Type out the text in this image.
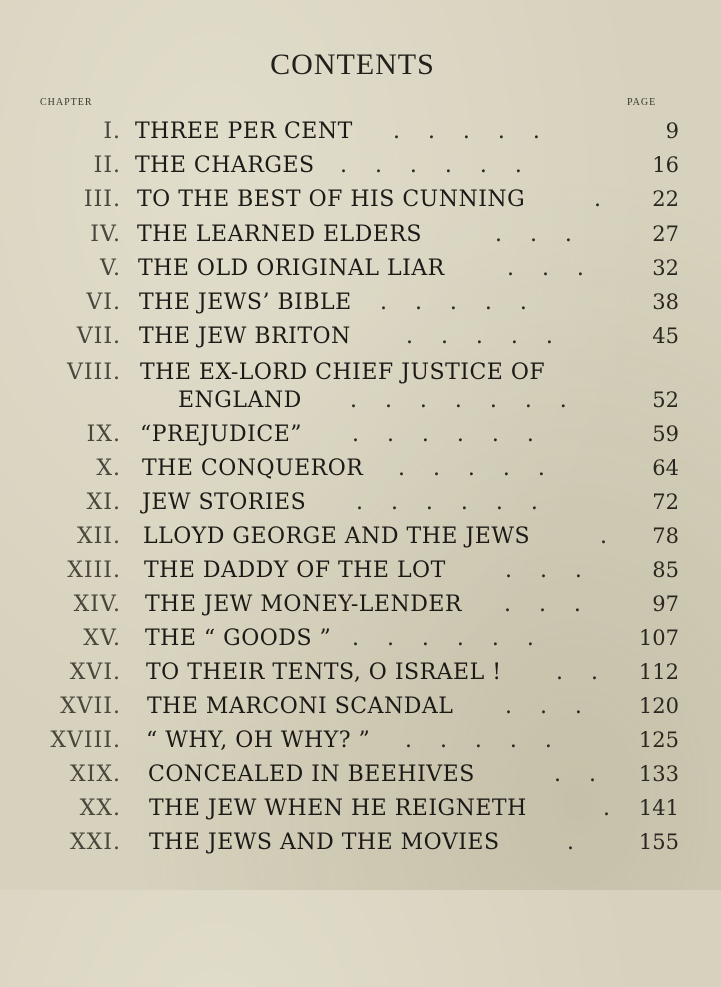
CONTENTS
CHAPTER	PAGE
I. THREE PER CENT .    .    .    .    .	9
II. THE CHARGES .    .    .    .    .    .	16
III. TO THE BEST OF HIS CUNNING	. 22
IV. THE LEARNED ELDERS	.    .    .	27
V. THE OLD ORIGINAL LIAR	.    .    .	32
VI. THE JEWS’ BIBLE .    .    .    .    .	38
VII. THE JEW BRITON	.    .    .    .    .	45
VIII. THE EX-LORD CHIEF JUSTICE OF
ENGLAND .    .    .    .    .    .    .	52
IX. “PREJUDICE” .    .    .    .    .    .	59
X. THE CONQUEROR .    .    .    .    .	64
XI. JEW STORIES .    .    .    .    .    .	72
XII. LLOYD GEORGE AND THE JEWS	. 78
XIII. THE DADDY OF THE LOT	.    .    .	85
XIV. THE JEW MONEY-LENDER .    .    .	97
XV. THE “ GOODS ” .    .    .    .    .    .	107
XVI. TO THEIR TENTS, O ISRAEL ! .    . 112
XVII. THE MARCONI SCANDAL .    .    .	120
XVIII. “ WHY, OH WHY? ” .    .    .    .    .	125
XIX. CONCEALED IN BEEHIVES	.    . 133
XX. THE JEW WHEN HE REIGNETH	. 141
XXI. THE JEWS AND THE MOVIES	.	155
